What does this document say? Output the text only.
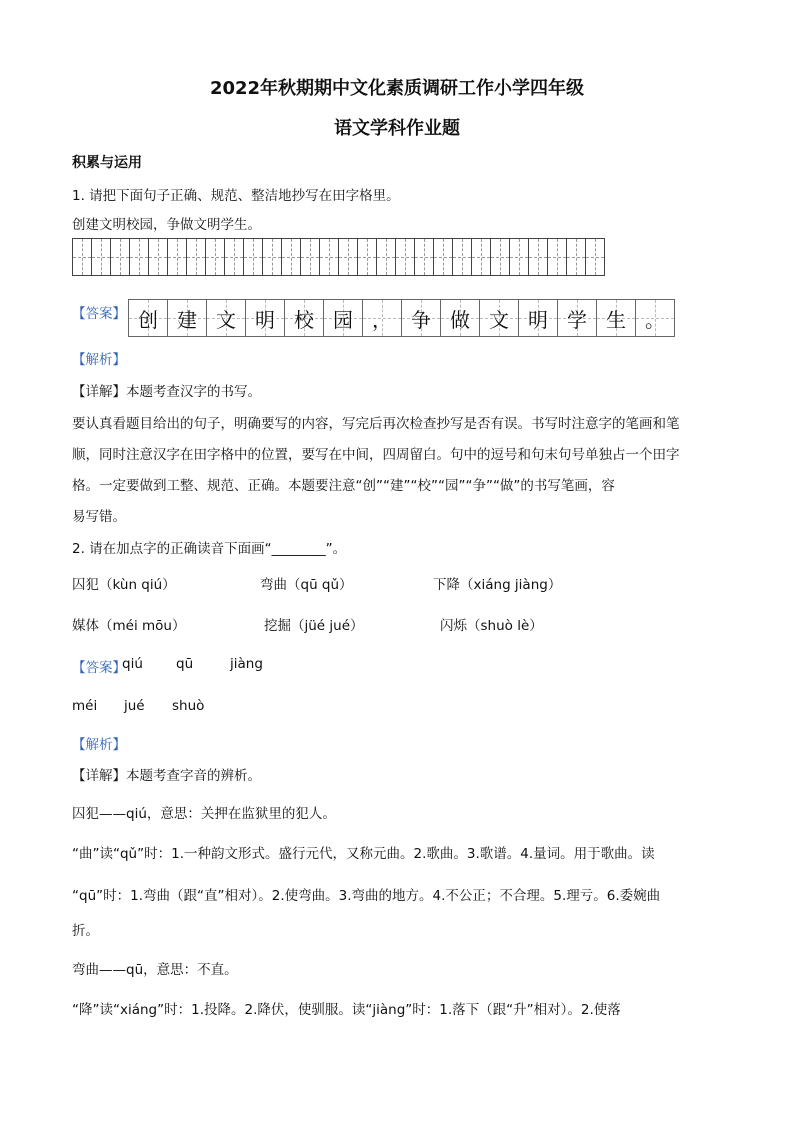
2022年秋期期中文化素质调研工作小学四年级
语文学科作业题
积累与运用
1. 请把下面句子正确、规范、整洁地抄写在田字格里。
创建文明校园，争做文明学生。
【答案】 创 建 文 明 校 园 ， 争 做 文 明 学 生 。
【解析】
【详解】本题考查汉字的书写。
要认真看题目给出的句子，明确要写的内容，写完后再次检查抄写是否有误。书写时注意字的笔画和笔
顺，同时注意汉字在田字格中的位置，要写在中间，四周留白。句中的逗号和句末句号单独占一个田字
格。一定要做到工整、规范、正确。本题要注意“创”“建”“校”“园”“争”“做”的书写笔画，容
易写错。
2. 请在加点字的正确读音下面画“________”。
囚犯（kùn qiú）	弯曲（qū qǔ）	下降（xiáng jiàng）
媒体（méi mōu）	挖掘（jüé jué）	闪烁（shuò lè）
【答案】
qiú qū	jiàng
méi jué shuò
【解析】
【详解】本题考查字音的辨析。
囚犯——qiú，意思：关押在监狱里的犯人。
“曲”读“qǔ”时：1.一种韵文形式。盛行元代，又称元曲。2.歌曲。3.歌谱。4.量词。用于歌曲。读
“qū”时：1.弯曲（跟“直”相对）。2.使弯曲。3.弯曲的地方。4.不公正；不合理。5.理亏。6.委婉曲
折。
弯曲——qū，意思：不直。
“降”读“xiáng”时：1.投降。2.降伏，使驯服。读“jiàng”时：1.落下（跟“升”相对）。2.使落
